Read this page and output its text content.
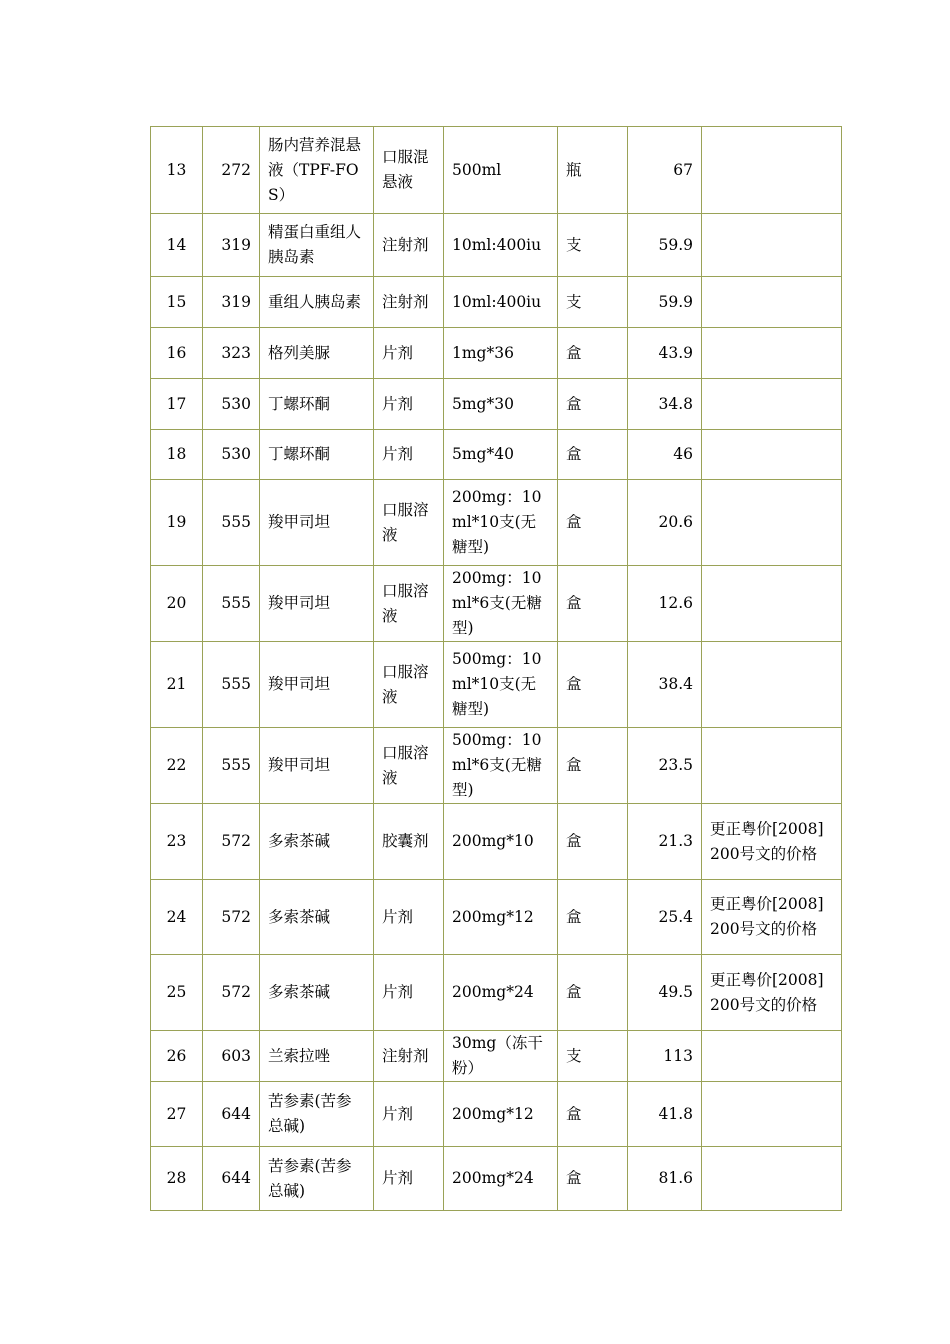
13	272	肠内营养混悬液（TPF-FOS）	口服混悬液	500ml	瓶	67	
14	319	精蛋白重组人胰岛素	注射剂	10ml:400iu	支	59.9	
15	319	重组人胰岛素	注射剂	10ml:400iu	支	59.9	
16	323	格列美脲	片剂	1mg*36	盒	43.9	
17	530	丁螺环酮	片剂	5mg*30	盒	34.8	
18	530	丁螺环酮	片剂	5mg*40	盒	46	
19	555	羧甲司坦	口服溶液	200mg：10ml*10支(无糖型)	盒	20.6	
20	555	羧甲司坦	口服溶液	200mg：10ml*6支(无糖型)	盒	12.6	
21	555	羧甲司坦	口服溶液	500mg：10ml*10支(无糖型)	盒	38.4	
22	555	羧甲司坦	口服溶液	500mg：10ml*6支(无糖型)	盒	23.5	
23	572	多索茶碱	胶囊剂	200mg*10	盒	21.3	更正粤价[2008]200号文的价格
24	572	多索茶碱	片剂	200mg*12	盒	25.4	更正粤价[2008]200号文的价格
25	572	多索茶碱	片剂	200mg*24	盒	49.5	更正粤价[2008]200号文的价格
26	603	兰索拉唑	注射剂	30mg（冻干粉）	支	113	
27	644	苦参素(苦参总碱)	片剂	200mg*12	盒	41.8	
28	644	苦参素(苦参总碱)	片剂	200mg*24	盒	81.6	
